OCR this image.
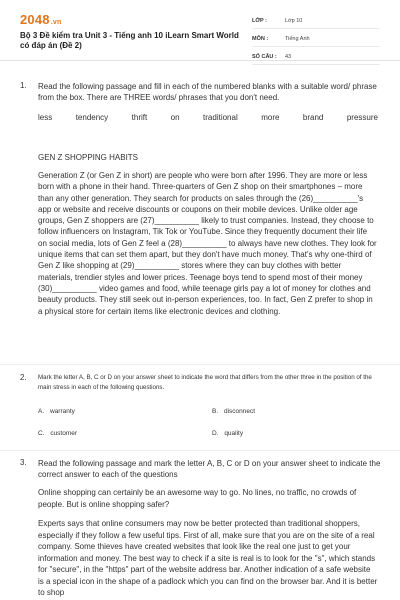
2048.vn
Bộ 3 Đề kiểm tra Unit 3 - Tiếng anh 10 iLearn Smart World có đáp án (Đề 2)
LỚP :	Lớp 10
MÔN :	Tiếng Anh
SỐ CÂU :	43
1. Read the following passage and fill in each of the numbered blanks with a suitable word/ phrase from the box. There are THREE words/ phrases that you don't need.
less	tendency	thrift	on	traditional	more	brand	pressure
GEN Z SHOPPING HABITS
Generation Z (or Gen Z in short) are people who were born after 1996. They are more or less born with a phone in their hand. Three-quarters of Gen Z shop on their smartphones – more than any other generation. They search for products on sales through the (26)__________'s app or website and receive discounts or coupons on their mobile devices. Unlike older age groups, Gen Z shoppers are (27)__________ likely to trust companies. Instead, they choose to follow influencers on Instagram, Tik Tok or YouTube. Since they frequently document their life on social media, lots of Gen Z feel a (28)__________ to always have new clothes. They look for unique items that can set them apart, but they don't have much money. That's why one-third of Gen Z like shopping at (29)__________ stores where they can buy clothes with better materials, trendier styles and lower prices. Teenage boys tend to spend most of their money (30)__________ video games and food, while teenage girls pay a lot of money for clothes and beauty products. They still seek out in-person experiences, too. In fact, Gen Z prefer to shop in a physical store for certain items like electronic devices and clothing.
2. Mark the letter A, B, C or D on your answer sheet to indicate the word that differs from the other three in the position of the main stress in each of the following questions.
A. warranty	B. disconnect
C. customer	D. quality
3. Read the following passage and mark the letter A, B, C or D on your answer sheet to indicate the correct answer to each of the questions
Online shopping can certainly be an awesome way to go. No lines, no traffic, no crowds of people. But is online shopping safer?
Experts says that online consumers may now be better protected than traditional shoppers, especially if they follow a few useful tips. First of all, make sure that you are on the site of a real company. Some thieves have created websites that look like the real one just to get your information and money. The best way to check if a site is real is to look for the "s", which stands for "secure", in the "https" part of the website address bar. Another indication of a safe website is a special icon in the shape of a padlock which you can find on the browser bar. And it is better to shop
